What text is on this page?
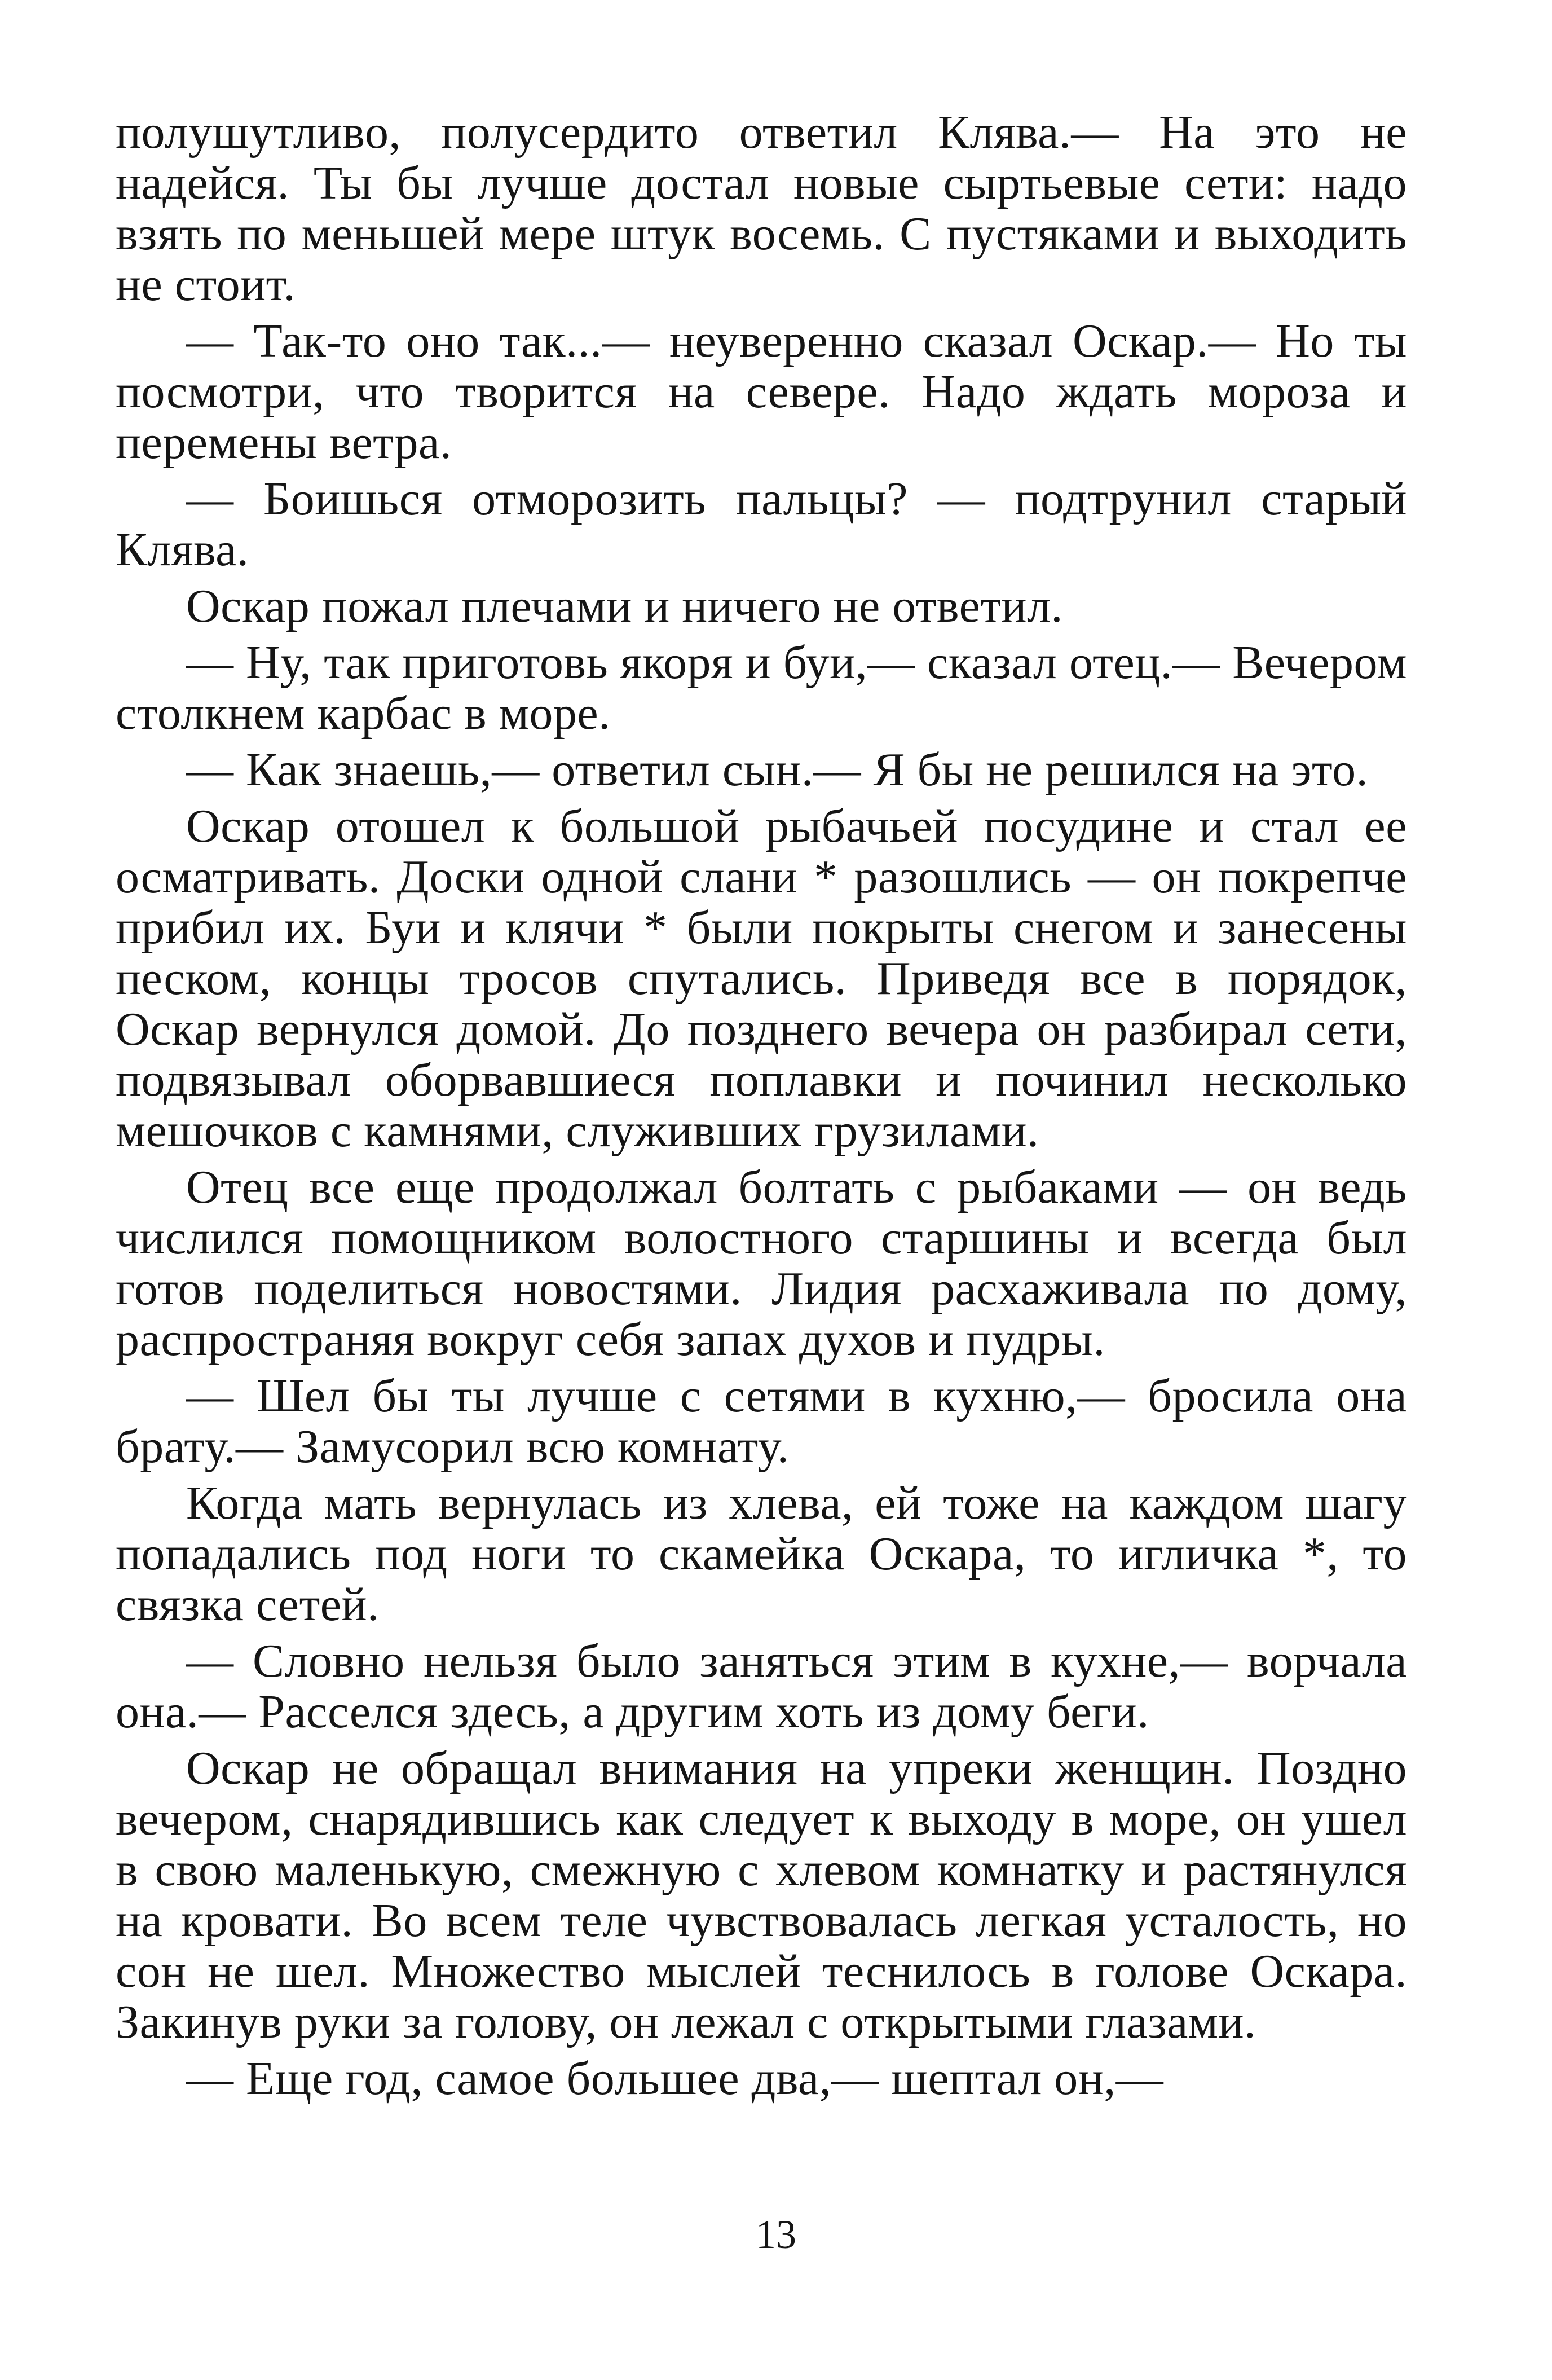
полушутливо, полусердито ответил Клява.— На это не надейся. Ты бы лучше достал новые сыртьевые сети: надо взять по меньшей мере штук восемь. С пустяками и выходить не стоит.

— Так-то оно так...— неуверенно сказал Оскар.— Но ты посмотри, что творится на севере. Надо ждать мороза и перемены ветра.

— Боишься отморозить пальцы? — подтрунил старый Клява.

Оскар пожал плечами и ничего не ответил.

— Ну, так приготовь якоря и буи,— сказал отец.— Вечером столкнем карбас в море.

— Как знаешь,— ответил сын.— Я бы не решился на это.

Оскар отошел к большой рыбачьей посудине и стал ее осматривать. Доски одной слани * разошлись — он покрепче прибил их. Буи и клячи * были покрыты снегом и занесены песком, концы тросов спутались. Приведя все в порядок, Оскар вернулся домой. До позднего вечера он разбирал сети, подвязывал оборвавшиеся поплавки и починил несколько мешочков с камнями, служивших грузилами.

Отец все еще продолжал болтать с рыбаками — он ведь числился помощником волостного старшины и всегда был готов поделиться новостями. Лидия расхаживала по дому, распространяя вокруг себя запах духов и пудры.

— Шел бы ты лучше с сетями в кухню,— бросила она брату.— Замусорил всю комнату.

Когда мать вернулась из хлева, ей тоже на каждом шагу попадались под ноги то скамейка Оскара, то игличка *, то связка сетей.

— Словно нельзя было заняться этим в кухне,— ворчала она.— Расселся здесь, а другим хоть из дому беги.

Оскар не обращал внимания на упреки женщин. Поздно вечером, снарядившись как следует к выходу в море, он ушел в свою маленькую, смежную с хлевом комнатку и растянулся на кровати. Во всем теле чувствовалась легкая усталость, но сон не шел. Множество мыслей теснилось в голове Оскара. Закинув руки за голову, он лежал с открытыми глазами.

— Еще год, самое большее два,— шептал он,—

13
